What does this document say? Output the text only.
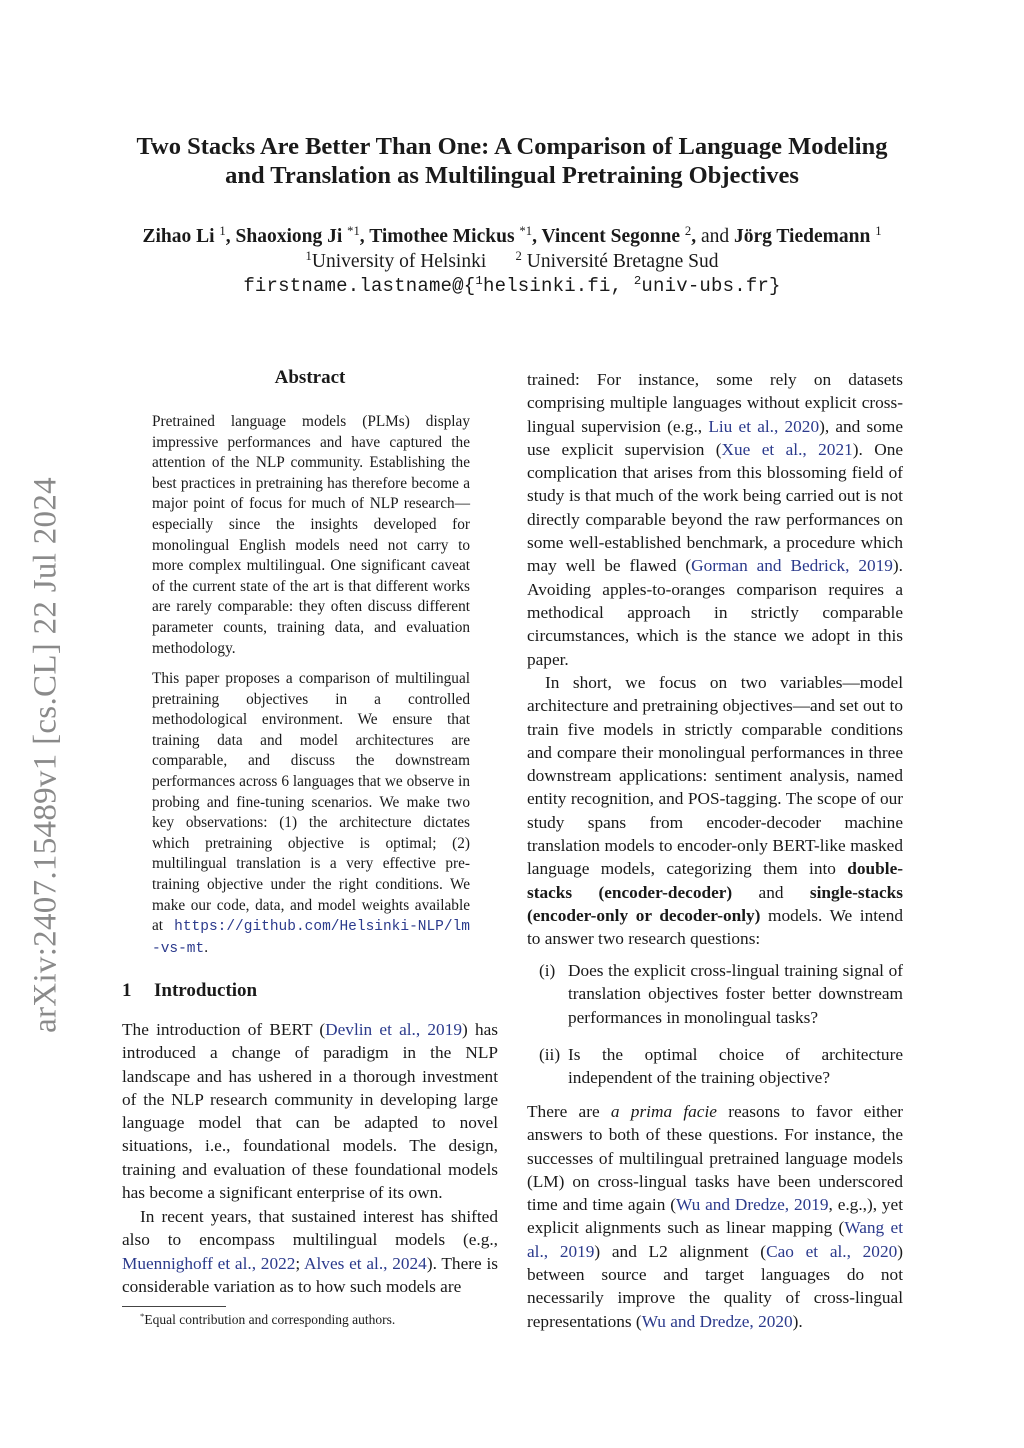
arXiv:2407.15489v1 [cs.CL] 22 Jul 2024
Two Stacks Are Better Than One: A Comparison of Language Modeling
and Translation as Multilingual Pretraining Objectives
Zihao Li $^1$, Shaoxiong Ji $^{*1}$, Timothee Mickus $^{*1}$, Vincent Segonne $^2$, and Jörg Tiedemann $^1$
$^1$University of Helsinki $^2$ Université Bretagne Sud
firstname.lastname@{$^1$helsinki.fi, $^2$univ-ubs.fr}
Abstract
Pretrained language models (PLMs) display impressive performances and have captured the attention of the NLP community. Establishing the best practices in pretraining has therefore become a major point of focus for much of NLP research—especially since the insights developed for monolingual English models need not carry to more complex multilingual. One significant caveat of the current state of the art is that different works are rarely comparable: they often discuss different parameter counts, training data, and evaluation methodology.
This paper proposes a comparison of multilingual pretraining objectives in a controlled methodological environment. We ensure that training data and model architectures are comparable, and discuss the downstream performances across 6 languages that we observe in probing and fine-tuning scenarios. We make two key observations: (1) the architecture dictates which pretraining objective is optimal; (2) multilingual translation is a very effective pre-training objective under the right conditions. We make our code, data, and model weights available at https://github.com/Helsinki-NLP/lm-vs-mt.
1 Introduction
The introduction of BERT (Devlin et al., 2019) has introduced a change of paradigm in the NLP landscape and has ushered in a thorough investment of the NLP research community in developing large language model that can be adapted to novel situations, i.e., foundational models. The design, training and evaluation of these foundational models has become a significant enterprise of its own.
In recent years, that sustained interest has shifted also to encompass multilingual models (e.g., Muennighoff et al., 2022; Alves et al., 2024). There is considerable variation as to how such models are
*Equal contribution and corresponding authors.
trained: For instance, some rely on datasets comprising multiple languages without explicit cross-lingual supervision (e.g., Liu et al., 2020), and some use explicit supervision (Xue et al., 2021). One complication that arises from this blossoming field of study is that much of the work being carried out is not directly comparable beyond the raw performances on some well-established benchmark, a procedure which may well be flawed (Gorman and Bedrick, 2019). Avoiding apples-to-oranges comparison requires a methodical approach in strictly comparable circumstances, which is the stance we adopt in this paper.
In short, we focus on two variables—model architecture and pretraining objectives—and set out to train five models in strictly comparable conditions and compare their monolingual performances in three downstream applications: sentiment analysis, named entity recognition, and POS-tagging. The scope of our study spans from encoder-decoder machine translation models to encoder-only BERT-like masked language models, categorizing them into double-stacks (encoder-decoder) and single-stacks (encoder-only or decoder-only) models. We intend to answer two research questions:
(i) Does the explicit cross-lingual training signal of translation objectives foster better downstream performances in monolingual tasks?
(ii) Is the optimal choice of architecture independent of the training objective?
There are a prima facie reasons to favor either answers to both of these questions. For instance, the successes of multilingual pretrained language models (LM) on cross-lingual tasks have been underscored time and time again (Wu and Dredze, 2019, e.g.,), yet explicit alignments such as linear mapping (Wang et al., 2019) and L2 alignment (Cao et al., 2020) between source and target languages do not necessarily improve the quality of cross-lingual representations (Wu and Dredze, 2020).
